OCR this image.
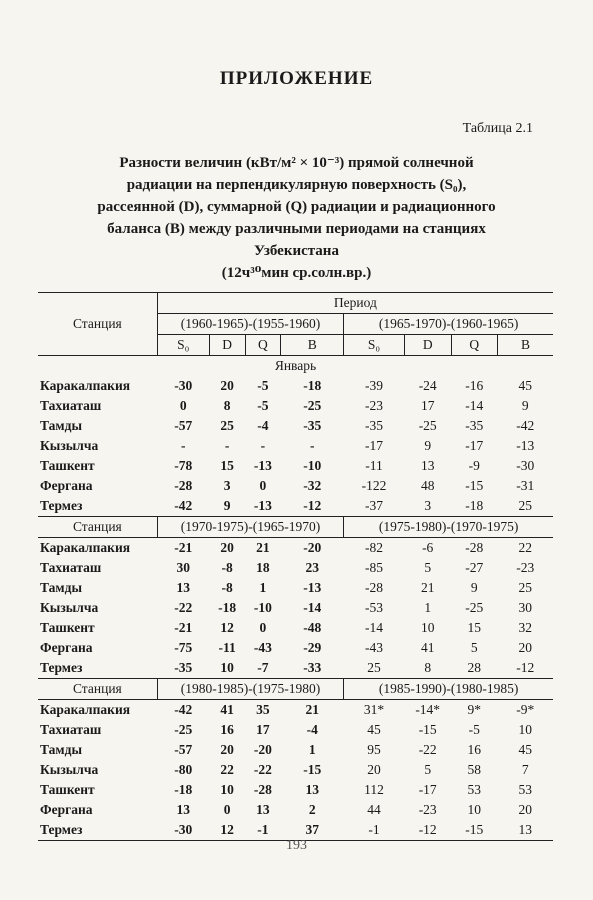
ПРИЛОЖЕНИЕ
Таблица 2.1
Разности величин (кВт/м² × 10⁻³) прямой солнечной
радиации на перпендикулярную поверхность (S₀),
рассеянной (D), суммарной (Q) радиации и радиационного
баланса (B) между различными периодами на станциях
Узбекистана
(12ч³⁰мин ср.солн.вр.)
Станция	Период							
	(1960-1965)-(1955-1960)				(1965-1970)-(1960-1965)			
	S₀	D	Q	B	S₀	D	Q	B
Январь								
Каракалпакия	-30	20	-5	-18	-39	-24	-16	45
Тахиаташ	0	8	-5	-25	-23	17	-14	9
Тамды	-57	25	-4	-35	-35	-25	-35	-42
Кызылча	-	-	-	-	-17	9	-17	-13
Ташкент	-78	15	-13	-10	-11	13	-9	-30
Фергана	-28	3	0	-32	-122	48	-15	-31
Термез	-42	9	-13	-12	-37	3	-18	25
Станция	(1970-1975)-(1965-1970)				(1975-1980)-(1970-1975)			
Каракалпакия	-21	20	21	-20	-82	-6	-28	22
Тахиаташ	30	-8	18	23	-85	5	-27	-23
Тамды	13	-8	1	-13	-28	21	9	25
Кызылча	-22	-18	-10	-14	-53	1	-25	30
Ташкент	-21	12	0	-48	-14	10	15	32
Фергана	-75	-11	-43	-29	-43	41	5	20
Термез	-35	10	-7	-33	25	8	28	-12
Станция	(1980-1985)-(1975-1980)				(1985-1990)-(1980-1985)			
Каракалпакия	-42	41	35	21	31*	-14*	9*	-9*
Тахиаташ	-25	16	17	-4	45	-15	-5	10
Тамды	-57	20	-20	1	95	-22	16	45
Кызылча	-80	22	-22	-15	20	5	58	7
Ташкент	-18	10	-28	13	112	-17	53	53
Фергана	13	0	13	2	44	-23	10	20
Термез	-30	12	-1	37	-1	-12	-15	13
193
